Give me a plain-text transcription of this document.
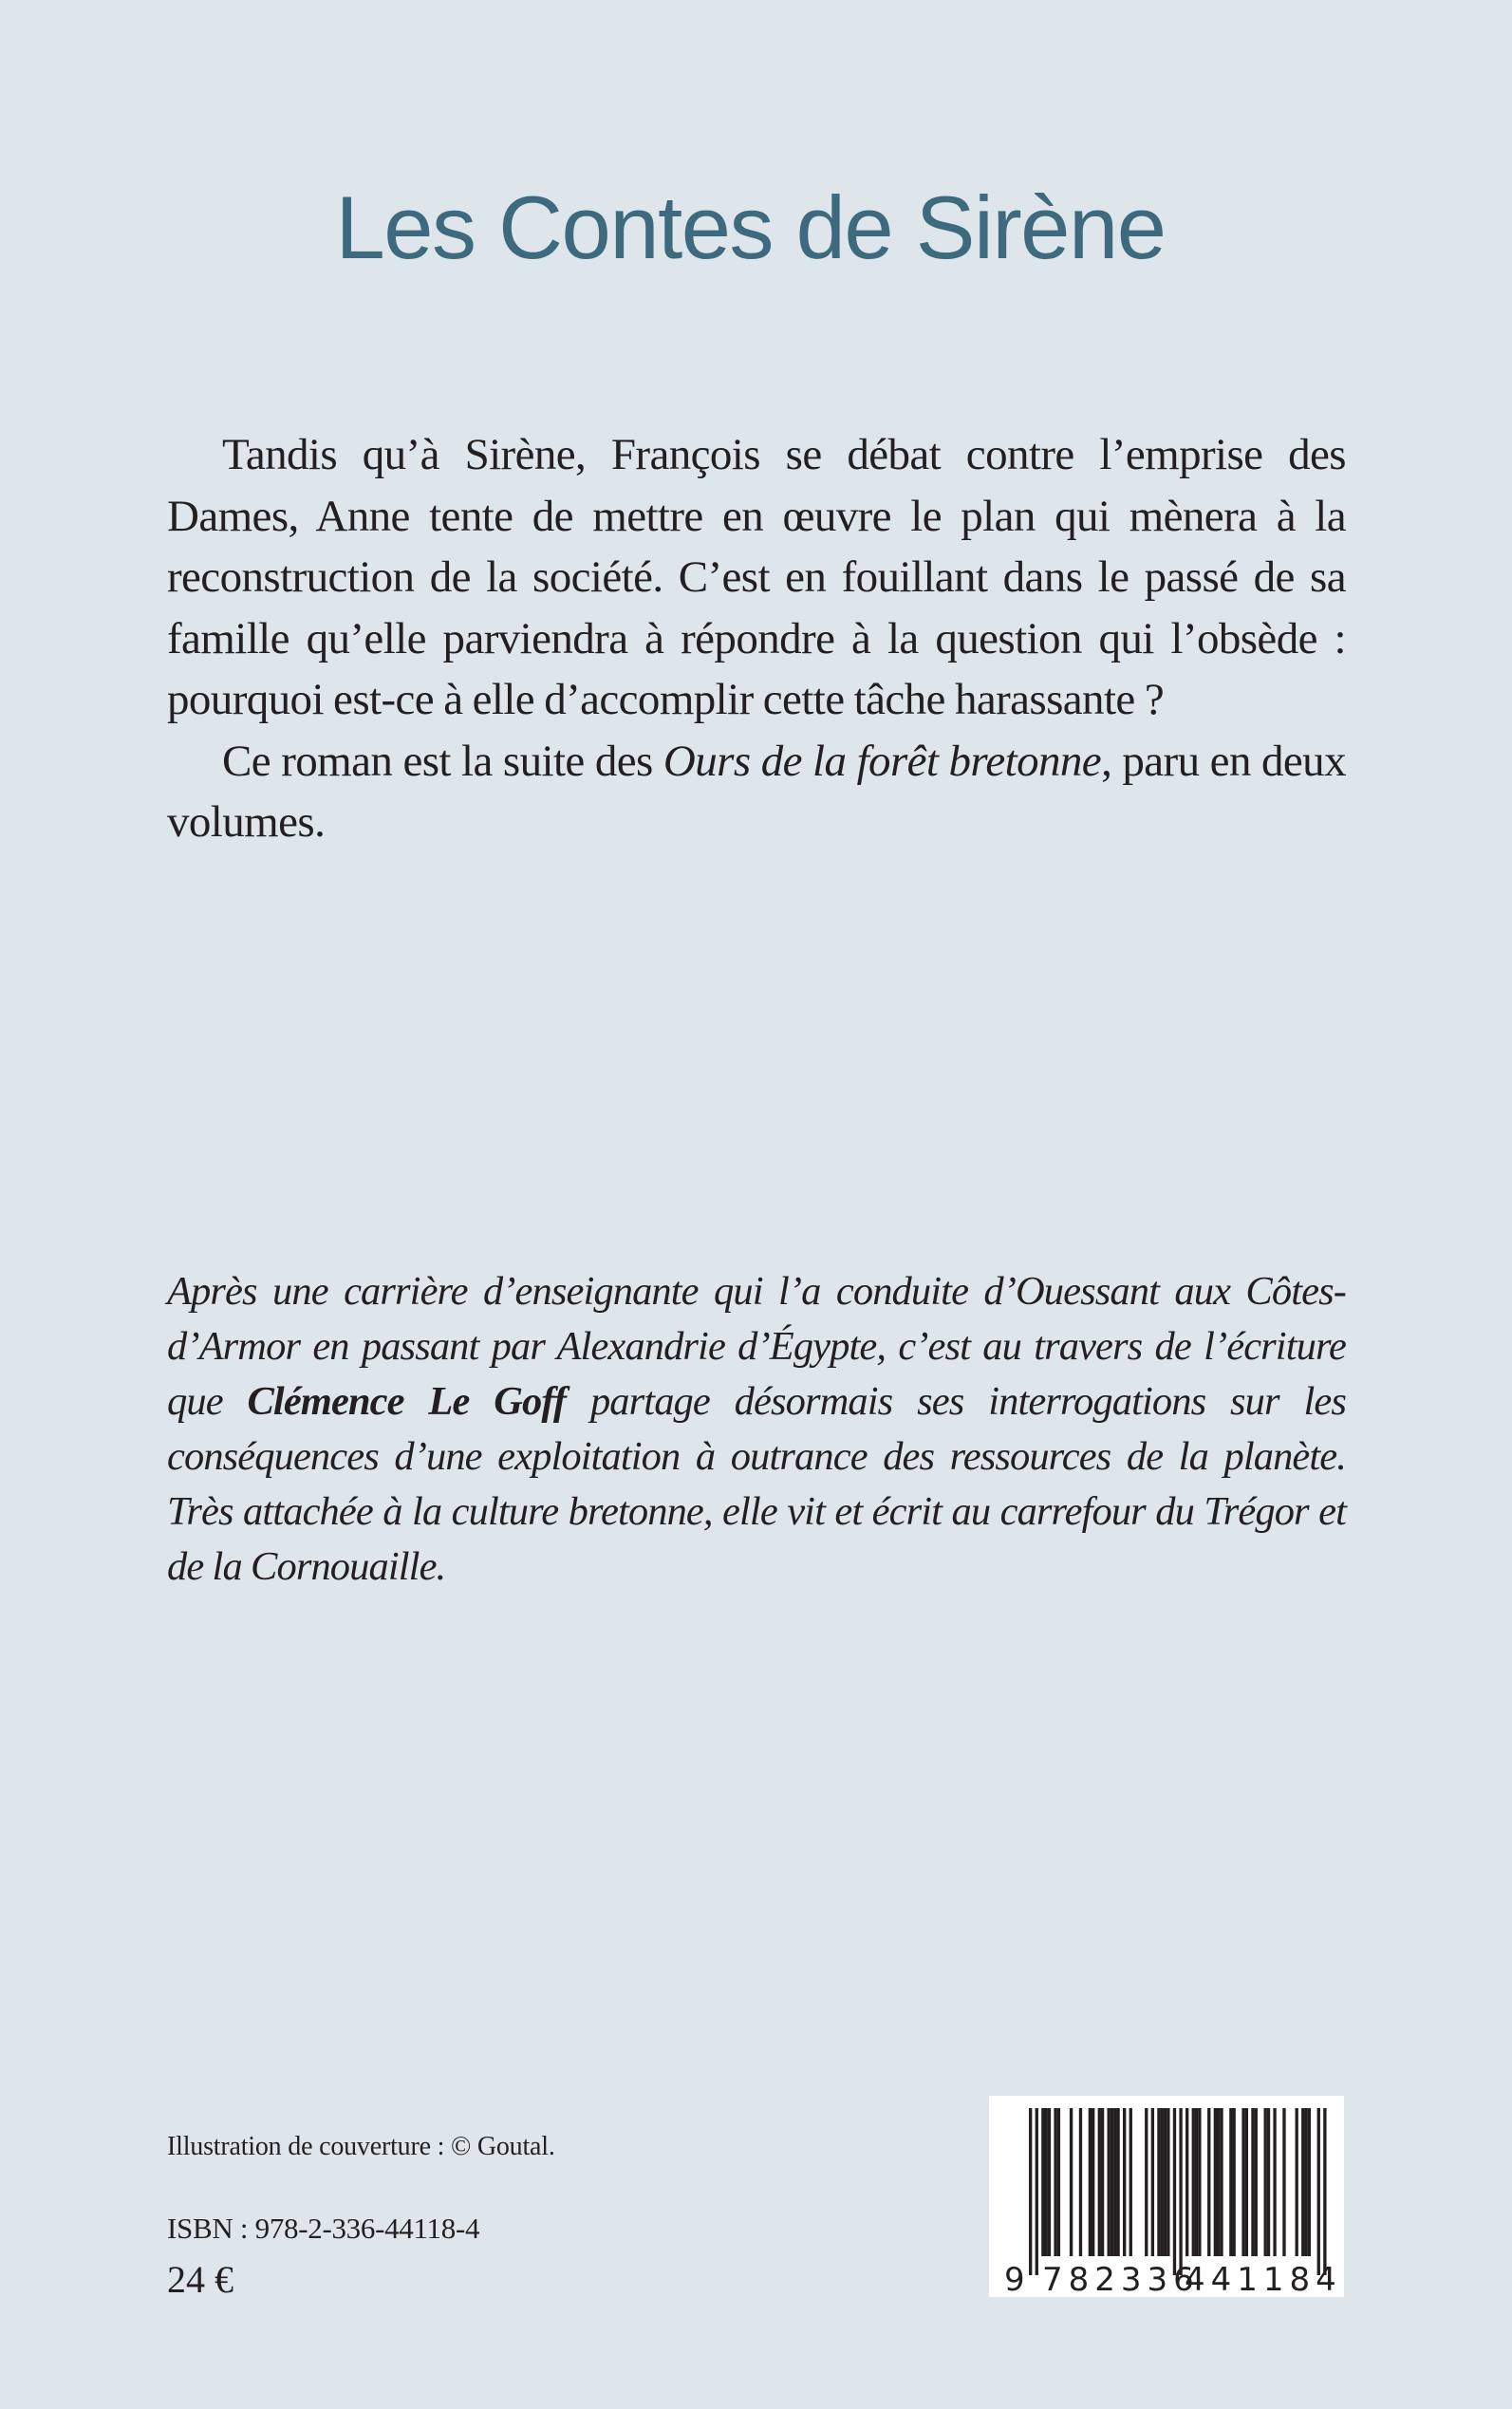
Les Contes de Sirène

Tandis qu’à Sirène, François se débat contre l’emprise des Dames, Anne tente de mettre en œuvre le plan qui mènera à la reconstruction de la société. C’est en fouillant dans le passé de sa famille qu’elle parviendra à répondre à la question qui l’obsède : pourquoi est-ce à elle d’accomplir cette tâche harassante ?

Ce roman est la suite des Ours de la forêt bretonne, paru en deux volumes.

Après une carrière d’enseignante qui l’a conduite d’Ouessant aux Côtes-d’Armor en passant par Alexandrie d’Égypte, c’est au travers de l’écriture que Clémence Le Goff partage désormais ses interrogations sur les conséquences d’une exploitation à outrance des ressources de la planète. Très attachée à la culture bretonne, elle vit et écrit au carrefour du Trégor et de la Cornouaille.

Illustration de couverture : © Goutal.
ISBN : 978-2-336-44118-4
24 €	9 782336
441184
